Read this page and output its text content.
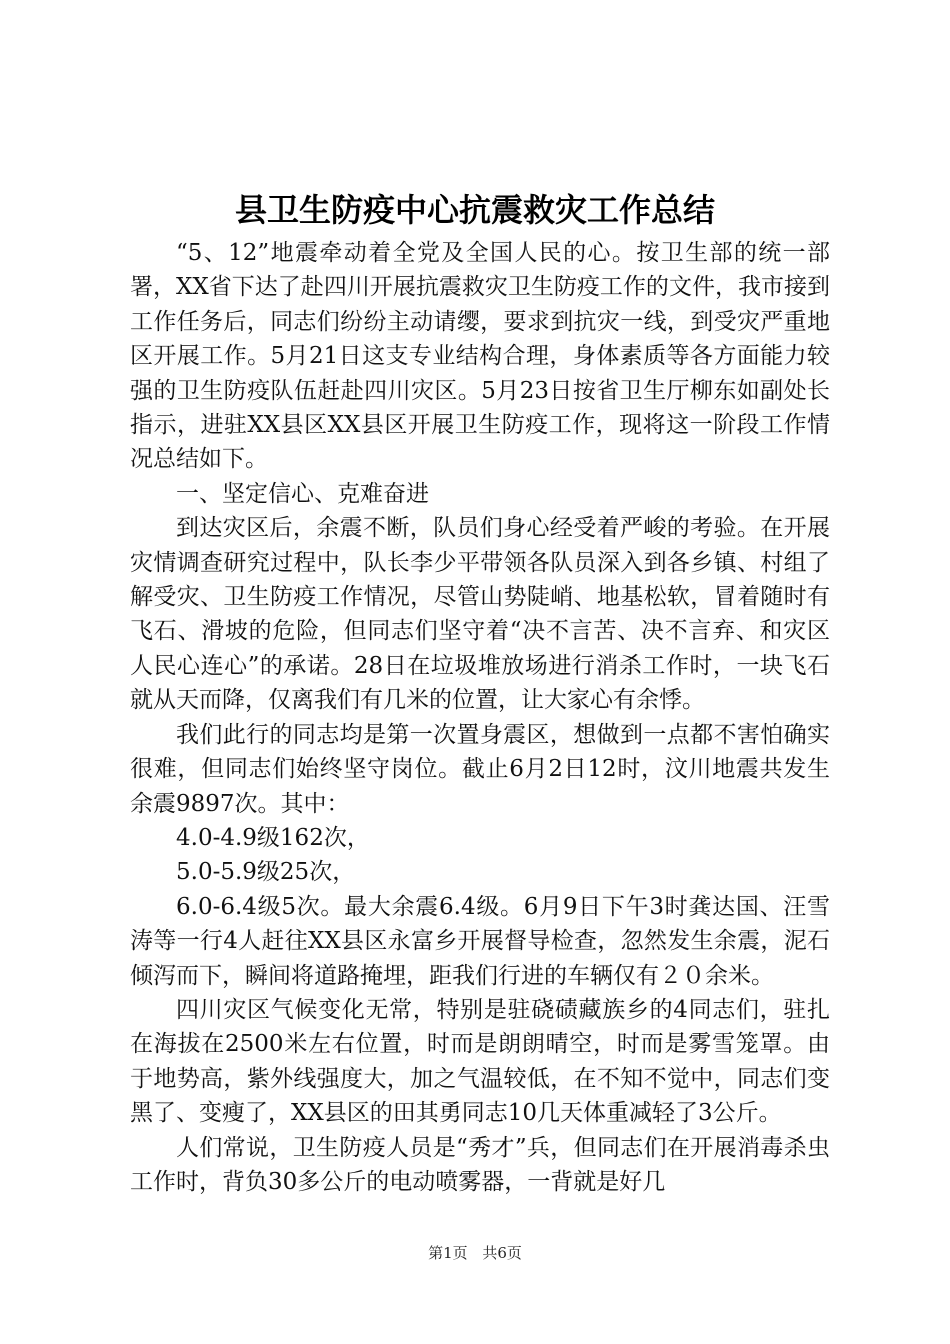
县卫生防疫中心抗震救灾工作总结

“5、12”地震牵动着全党及全国人民的心。按卫生部的统一部署，XX省下达了赴四川开展抗震救灾卫生防疫工作的文件，我市接到工作任务后，同志们纷纷主动请缨，要求到抗灾一线，到受灾严重地区开展工作。5月21日这支专业结构合理，身体素质等各方面能力较强的卫生防疫队伍赶赴四川灾区。5月23日按省卫生厅柳东如副处长指示，进驻XX县区XX县区开展卫生防疫工作，现将这一阶段工作情况总结如下。

一、坚定信心、克难奋进

到达灾区后，余震不断，队员们身心经受着严峻的考验。在开展灾情调查研究过程中，队长李少平带领各队员深入到各乡镇、村组了解受灾、卫生防疫工作情况，尽管山势陡峭、地基松软，冒着随时有飞石、滑坡的危险，但同志们坚守着“决不言苦、决不言弃、和灾区人民心连心”的承诺。28日在垃圾堆放场进行消杀工作时，一块飞石就从天而降，仅离我们有几米的位置，让大家心有余悸。

我们此行的同志均是第一次置身震区，想做到一点都不害怕确实很难，但同志们始终坚守岗位。截止6月2日12时，汶川地震共发生余震9897次。其中：

4.0-4.9级162次，

5.0-5.9级25次，

6.0-6.4级5次。最大余震6.4级。6月9日下午3时龚达国、汪雪涛等一行4人赶往XX县区永富乡开展督导检查，忽然发生余震，泥石倾泻而下，瞬间将道路掩埋，距我们行进的车辆仅有２０余米。

四川灾区气候变化无常，特别是驻硗碛藏族乡的4同志们，驻扎在海拔在2500米左右位置，时而是朗朗晴空，时而是雾雪笼罩。由于地势高，紫外线强度大，加之气温较低，在不知不觉中，同志们变黑了、变瘦了，XX县区的田其勇同志10几天体重减轻了3公斤。

人们常说，卫生防疫人员是“秀才”兵，但同志们在开展消毒杀虫工作时，背负30多公斤的电动喷雾器，一背就是好几

第1页 共6页
